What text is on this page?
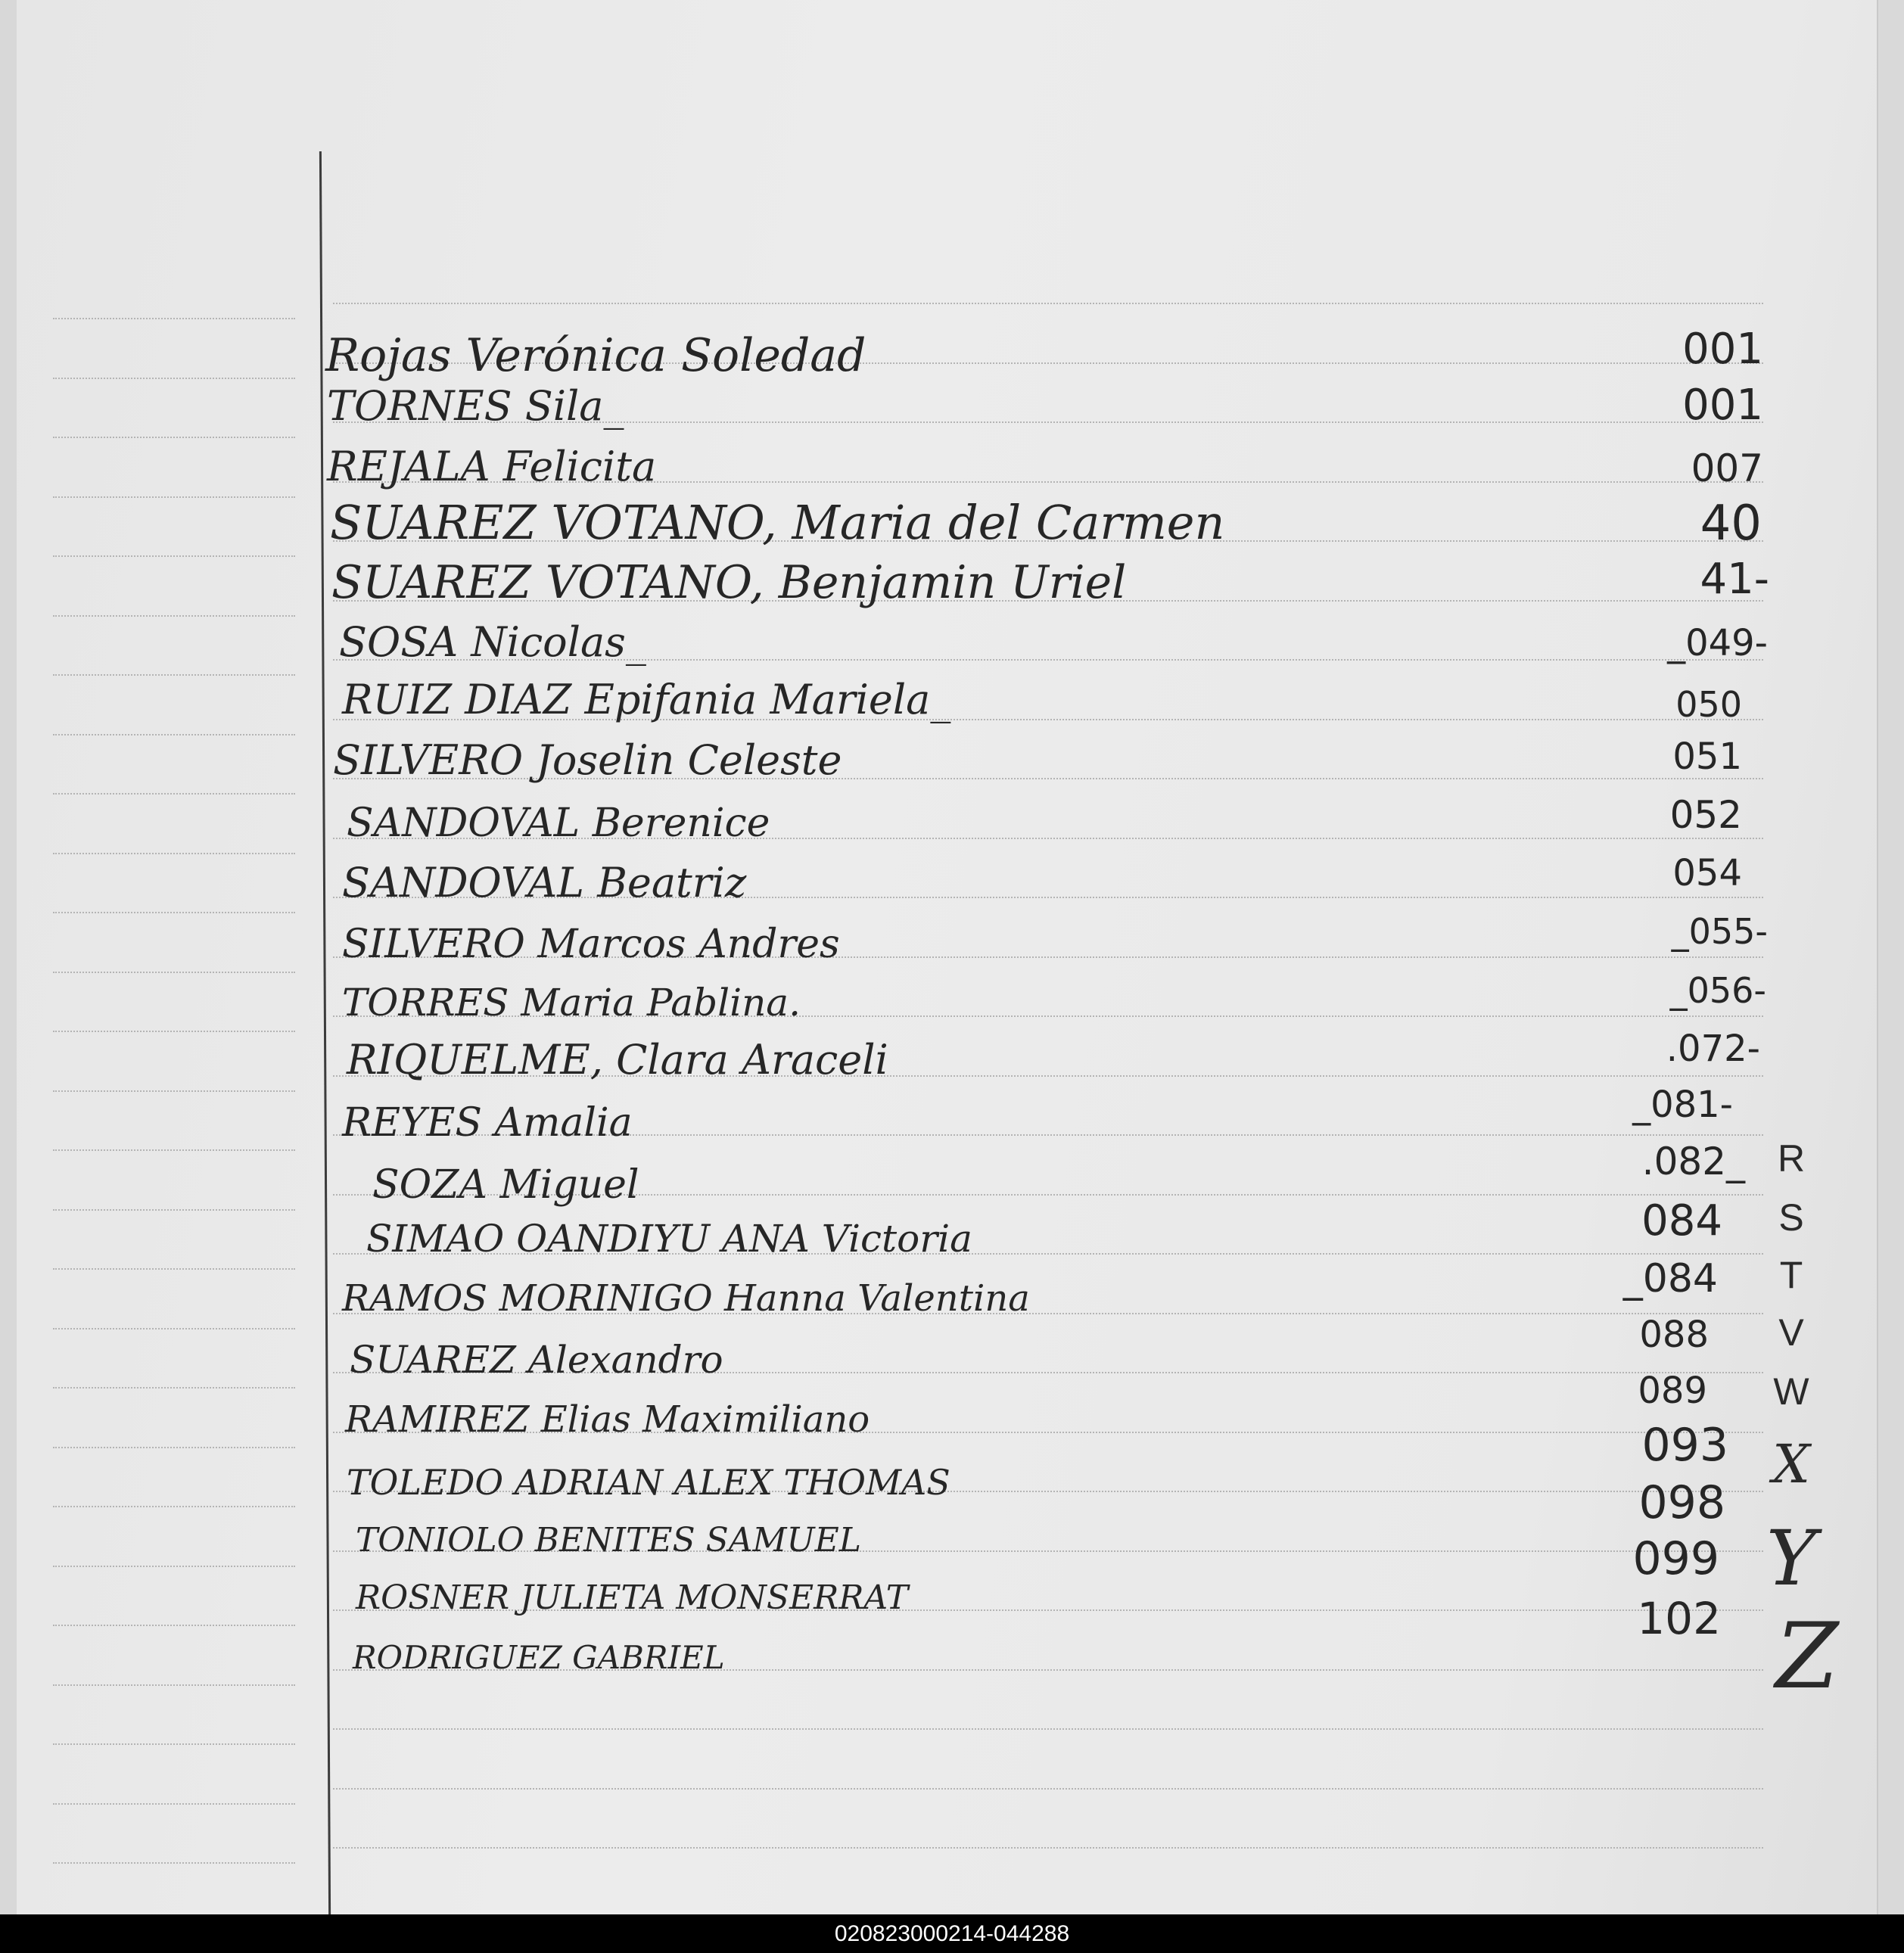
Rojas Verónica Soledad
TORNES Sila_
REJALA Felicita
SUAREZ VOTANO, Maria del Carmen
SUAREZ VOTANO, Benjamin Uriel
SOSA Nicolas_
RUIZ DIAZ Epifania Mariela_
SILVERO Joselin Celeste
SANDOVAL Berenice
SANDOVAL Beatriz
SILVERO Marcos Andres
TORRES Maria Pablina.
RIQUELME, Clara Araceli
REYES Amalia
SOZA Miguel
SIMAO OANDIYU ANA Victoria
RAMOS MORINIGO Hanna Valentina
SUAREZ Alexandro
RAMIREZ Elias Maximiliano
TOLEDO ADRIAN ALEX THOMAS
TONIOLO BENITES SAMUEL
ROSNER JULIETA MONSERRAT
RODRIGUEZ GABRIEL
001
001
007
40
41-
_049-
050
051
052
054
_055-
_056-
.072-
_081-
.082_
084
_084
088
089
093
098
099
102
R
S
T
V
W
X
Y
Z
020823000214-044288
